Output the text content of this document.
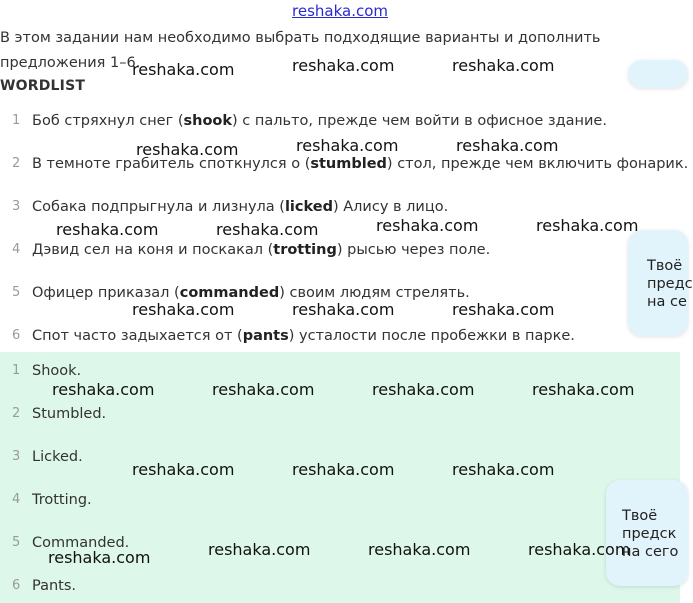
reshaka.com
В этом задании нам необходимо выбрать подходящие варианты и дополнить предложения 1–6.
WORDLIST
1 Боб стряхнул снег (shook) с пальто, прежде чем войти в офисное здание.
2 В темноте грабитель споткнулся о (stumbled) стол, прежде чем включить фонарик.
3 Собака подпрыгнула и лизнула (licked) Алису в лицо.
4 Дэвид сел на коня и поскакал (trotting) рысью через поле.
5 Офицер приказал (commanded) своим людям стрелять.
6 Спот часто задыхается от (pants) усталости после пробежки в парке.
1 Shook.
2 Stumbled.
3 Licked.
4 Trotting.
5 Commanded.
6 Pants.
Твоё
предс
на се
Твоё
предск
на сего
reshaka.com	reshaka.com	reshaka.com
reshaka.com	reshaka.com	reshaka.com
reshaka.com	reshaka.com	reshaka.com	reshaka.com
reshaka.com	reshaka.com	reshaka.com
reshaka.com	reshaka.com	reshaka.com	reshaka.com
reshaka.com	reshaka.com	reshaka.com
reshaka.com	reshaka.com	reshaka.com	reshaka.com
